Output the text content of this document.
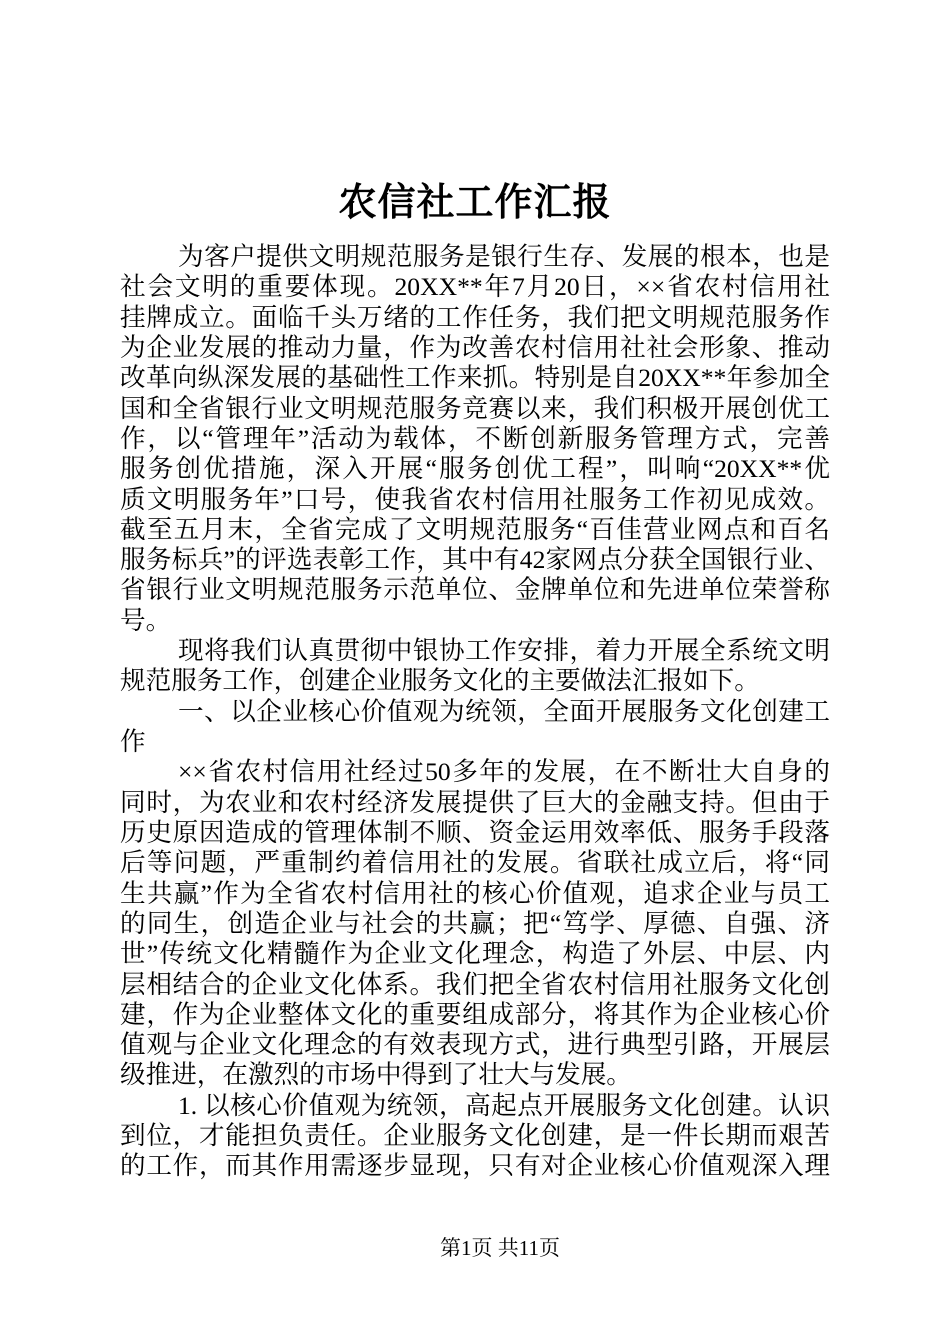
农信社工作汇报
为客户提供文明规范服务是银行生存、发展的根本，也是
社会文明的重要体现。20XX**年7月20日，××省农村信用社
挂牌成立。面临千头万绪的工作任务，我们把文明规范服务作
为企业发展的推动力量，作为改善农村信用社社会形象、推动
改革向纵深发展的基础性工作来抓。特别是自20XX**年参加全
国和全省银行业文明规范服务竞赛以来，我们积极开展创优工
作，以“管理年”活动为载体，不断创新服务管理方式，完善
服务创优措施，深入开展“服务创优工程”，叫响“20XX**优
质文明服务年”口号，使我省农村信用社服务工作初见成效。
截至五月末，全省完成了文明规范服务“百佳营业网点和百名
服务标兵”的评选表彰工作，其中有42家网点分获全国银行业、
省银行业文明规范服务示范单位、金牌单位和先进单位荣誉称
号。
现将我们认真贯彻中银协工作安排，着力开展全系统文明
规范服务工作，创建企业服务文化的主要做法汇报如下。
一、以企业核心价值观为统领，全面开展服务文化创建工
作
××省农村信用社经过50多年的发展，在不断壮大自身的
同时，为农业和农村经济发展提供了巨大的金融支持。但由于
历史原因造成的管理体制不顺、资金运用效率低、服务手段落
后等问题，严重制约着信用社的发展。省联社成立后，将“同
生共赢”作为全省农村信用社的核心价值观，追求企业与员工
的同生，创造企业与社会的共赢；把“笃学、厚德、自强、济
世”传统文化精髓作为企业文化理念，构造了外层、中层、内
层相结合的企业文化体系。我们把全省农村信用社服务文化创
建，作为企业整体文化的重要组成部分，将其作为企业核心价
值观与企业文化理念的有效表现方式，进行典型引路，开展层
级推进，在激烈的市场中得到了壮大与发展。
1. 以核心价值观为统领，高起点开展服务文化创建。认识
到位，才能担负责任。企业服务文化创建，是一件长期而艰苦
的工作，而其作用需逐步显现，只有对企业核心价值观深入理
第1页 共11页
